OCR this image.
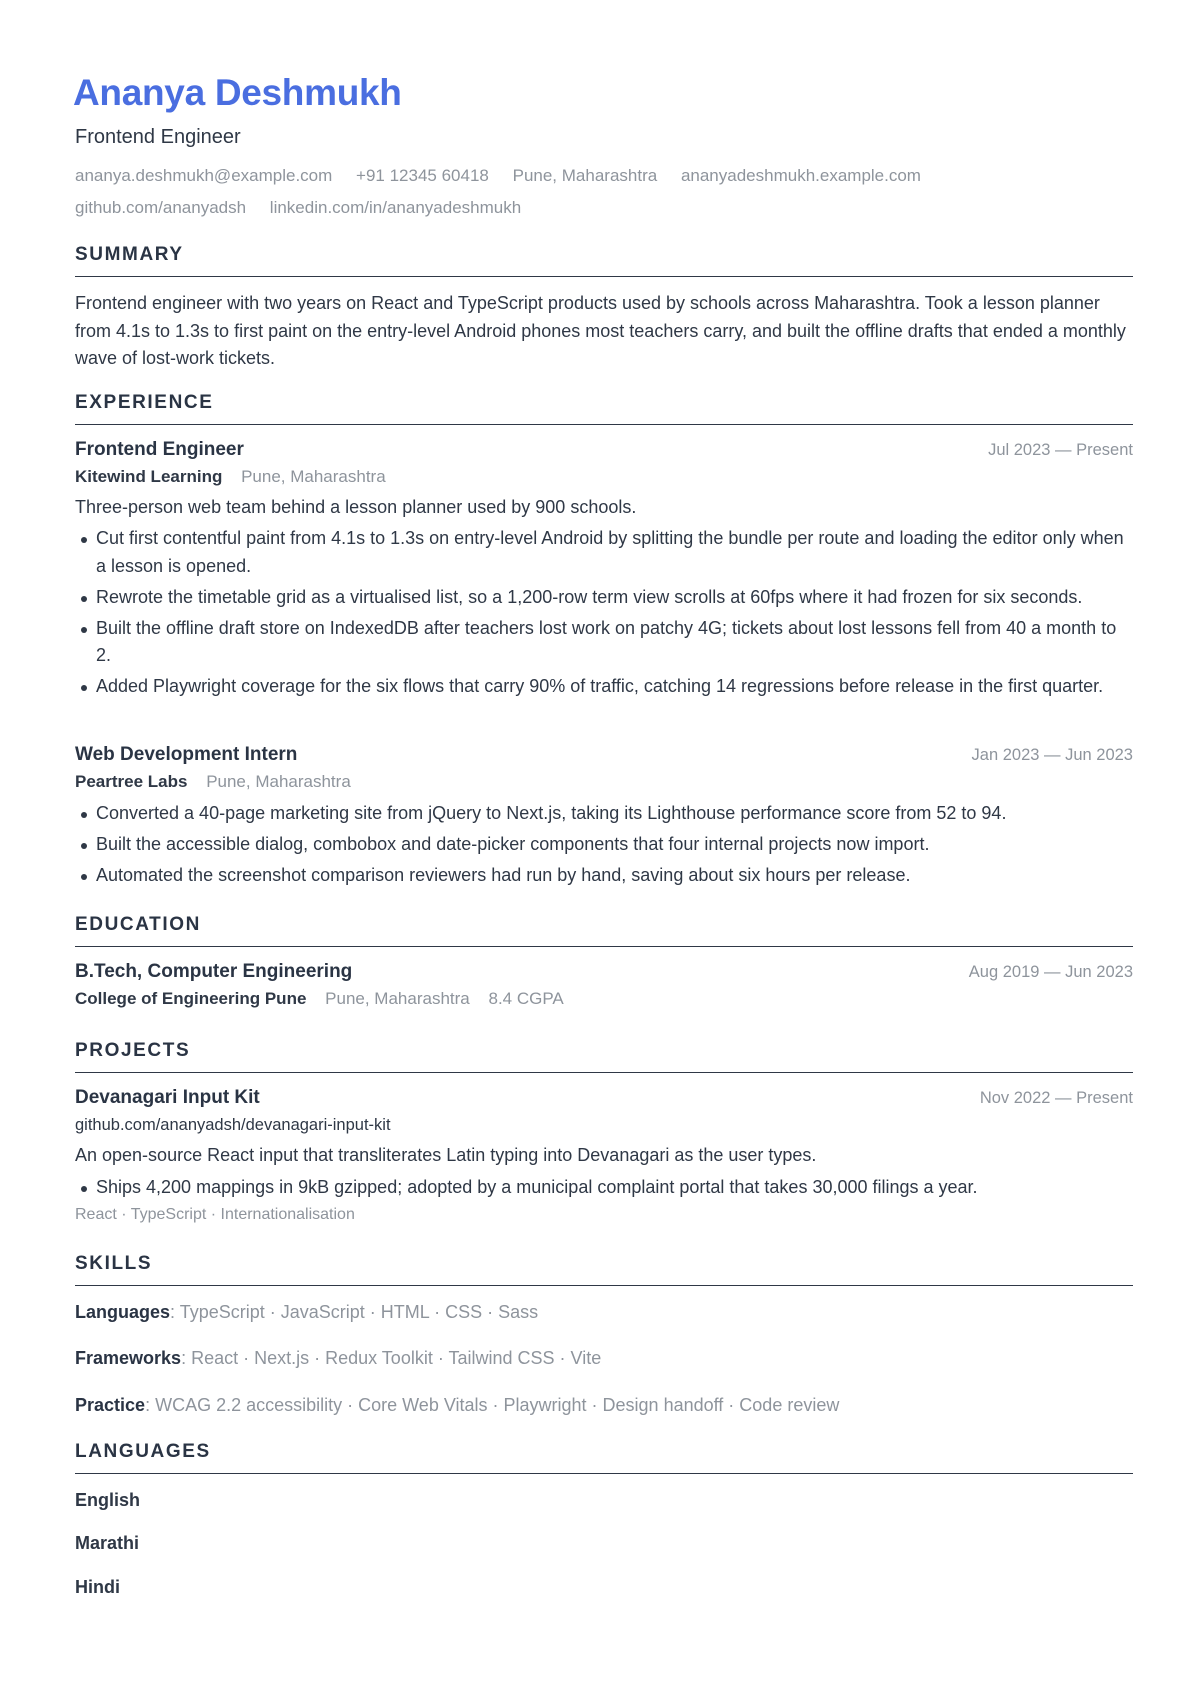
Ananya Deshmukh
Frontend Engineer
ananya.deshmukh@example.com +91 12345 60418 Pune, Maharashtra ananyadeshmukh.example.com
github.com/ananyadsh linkedin.com/in/ananyadeshmukh
SUMMARY
Frontend engineer with two years on React and TypeScript products used by schools across Maharashtra. Took a lesson planner from 4.1s to 1.3s to first paint on the entry-level Android phones most teachers carry, and built the offline drafts that ended a monthly wave of lost-work tickets.
EXPERIENCE
Frontend Engineer	Jul 2023 — Present
Kitewind Learning Pune, Maharashtra
Three-person web team behind a lesson planner used by 900 schools.
Cut first contentful paint from 4.1s to 1.3s on entry-level Android by splitting the bundle per route and loading the editor only when a lesson is opened.
Rewrote the timetable grid as a virtualised list, so a 1,200-row term view scrolls at 60fps where it had frozen for six seconds.
Built the offline draft store on IndexedDB after teachers lost work on patchy 4G; tickets about lost lessons fell from 40 a month to 2.
Added Playwright coverage for the six flows that carry 90% of traffic, catching 14 regressions before release in the first quarter.
Web Development Intern	Jan 2023 — Jun 2023
Peartree Labs Pune, Maharashtra
Converted a 40-page marketing site from jQuery to Next.js, taking its Lighthouse performance score from 52 to 94.
Built the accessible dialog, combobox and date-picker components that four internal projects now import.
Automated the screenshot comparison reviewers had run by hand, saving about six hours per release.
EDUCATION
B.Tech, Computer Engineering	Aug 2019 — Jun 2023
College of Engineering Pune Pune, Maharashtra 8.4 CGPA
PROJECTS
Devanagari Input Kit	Nov 2022 — Present
github.com/ananyadsh/devanagari-input-kit
An open-source React input that transliterates Latin typing into Devanagari as the user types.
Ships 4,200 mappings in 9kB gzipped; adopted by a municipal complaint portal that takes 30,000 filings a year.
React · TypeScript · Internationalisation
SKILLS
Languages: TypeScript · JavaScript · HTML · CSS · Sass
Frameworks: React · Next.js · Redux Toolkit · Tailwind CSS · Vite
Practice: WCAG 2.2 accessibility · Core Web Vitals · Playwright · Design handoff · Code review
LANGUAGES
English
Marathi
Hindi
